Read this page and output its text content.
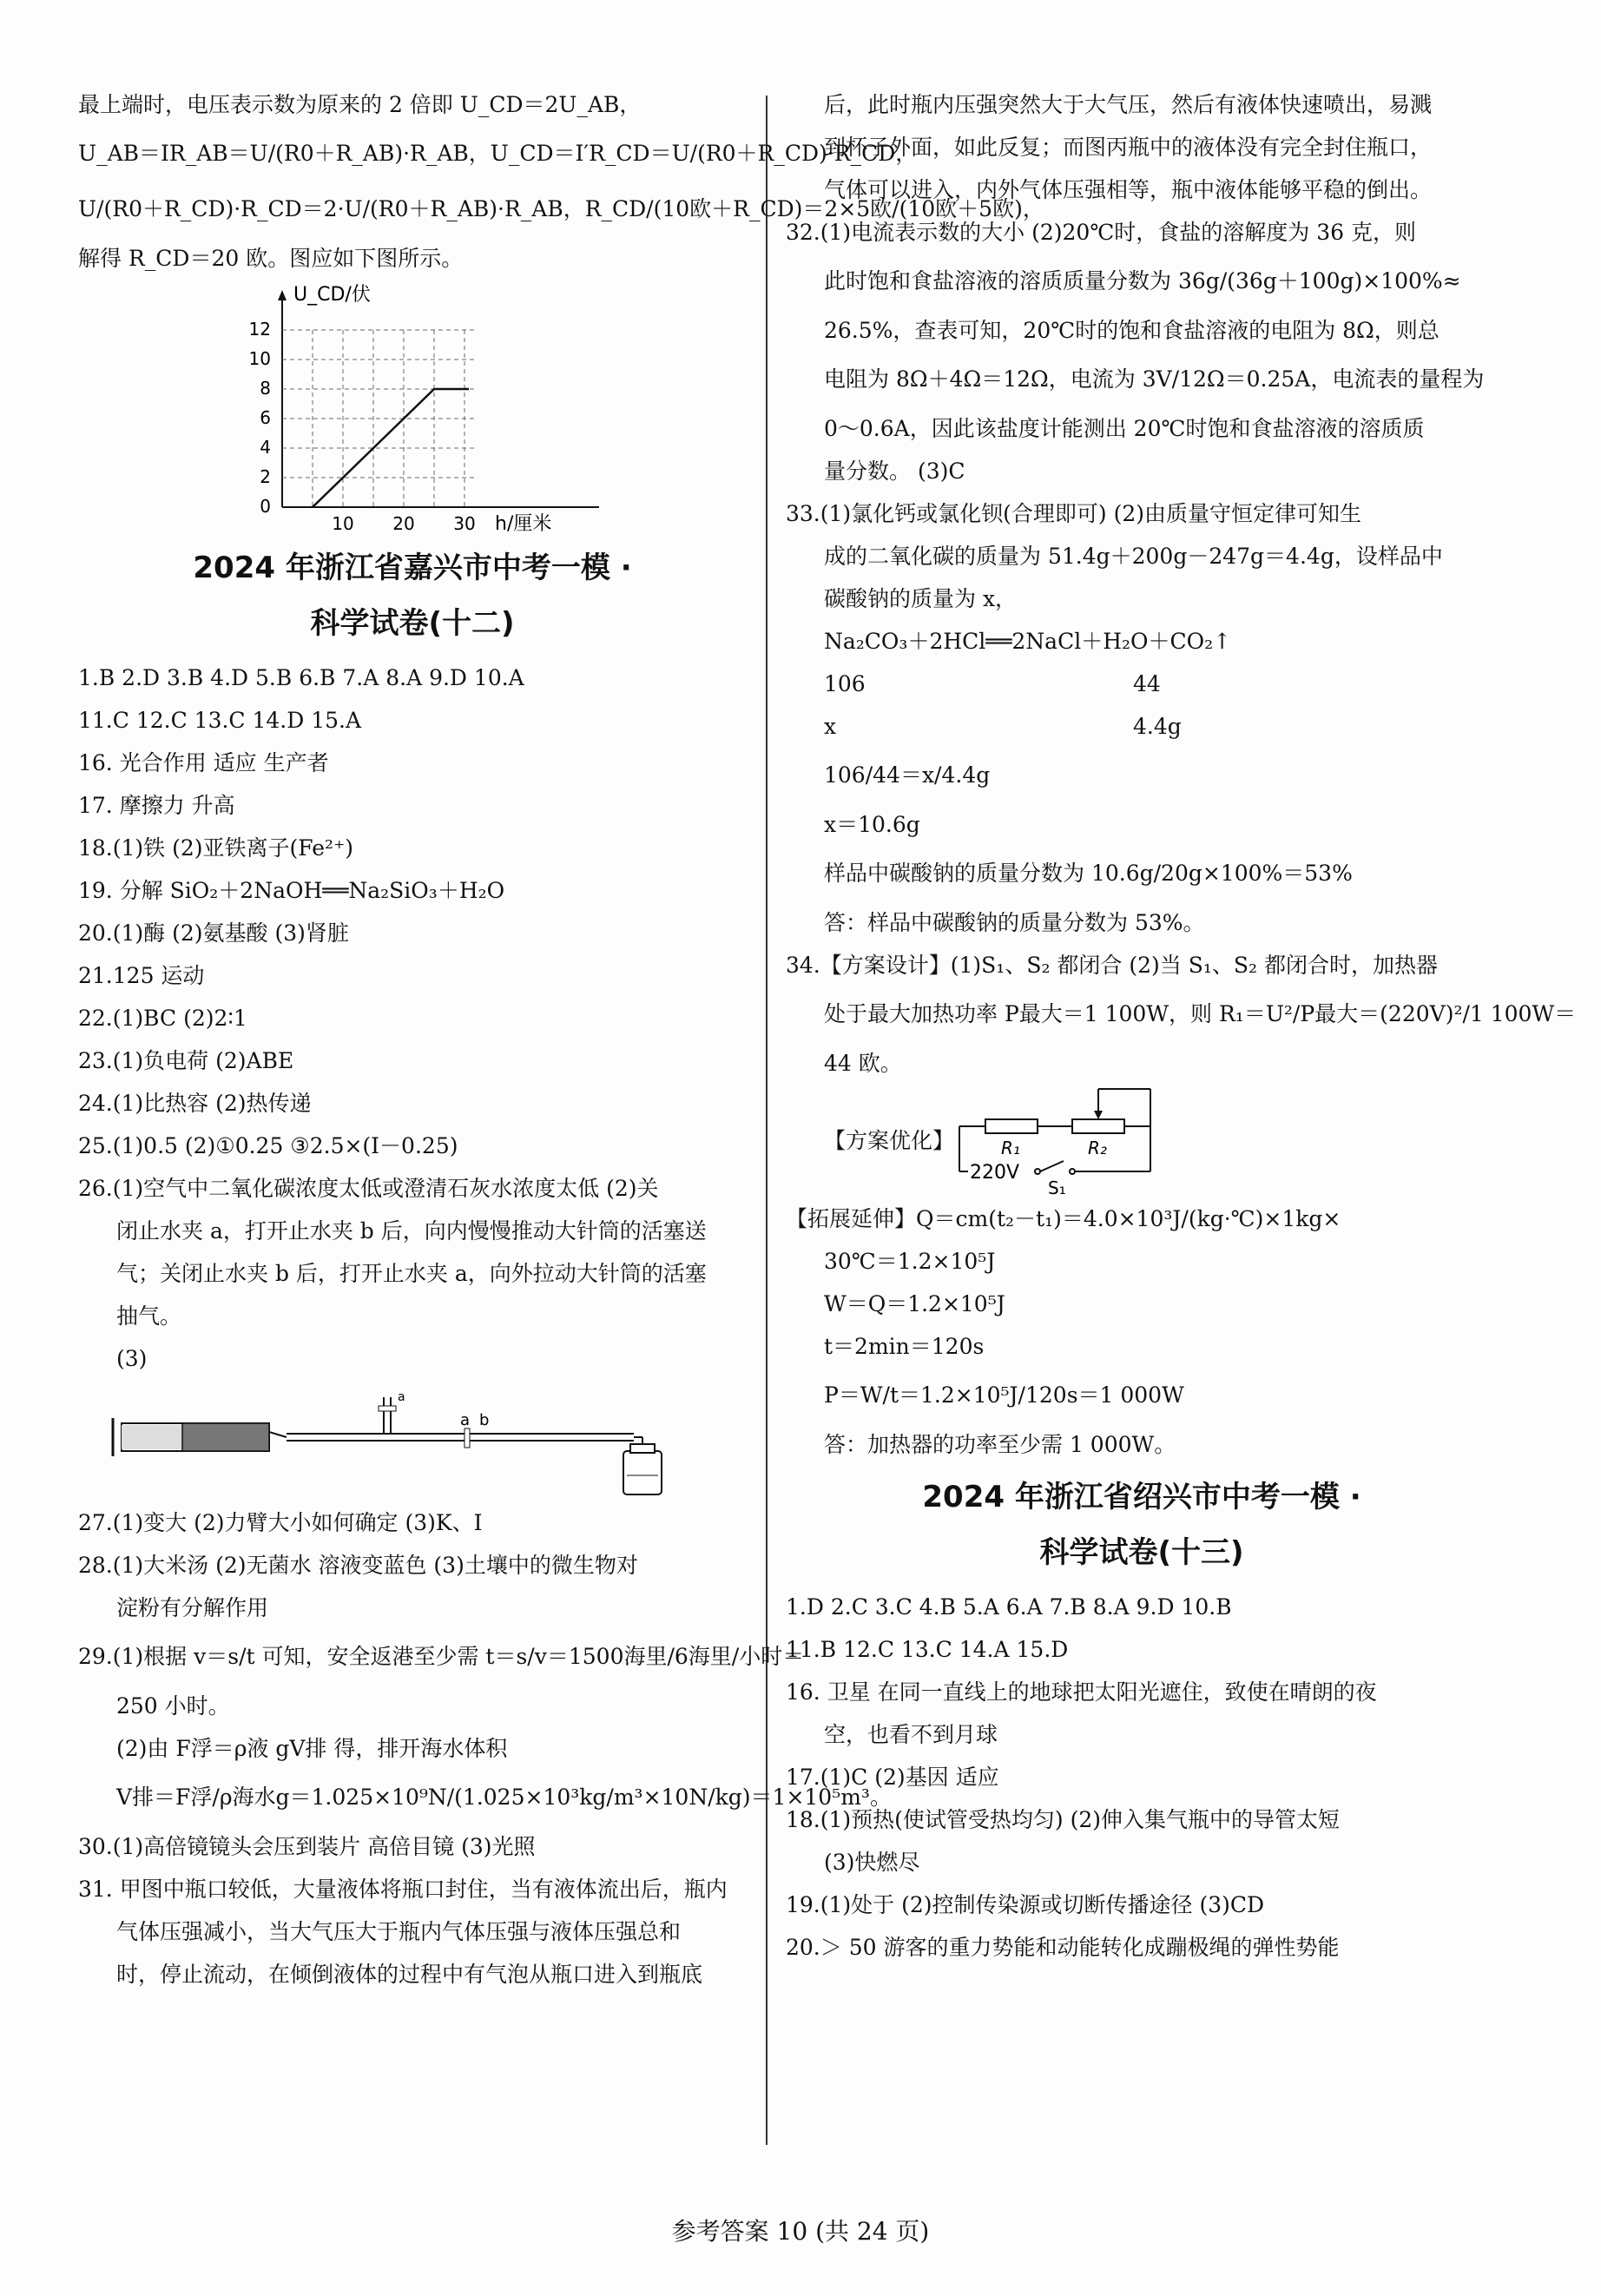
最上端时，电压表示数为原来的 2 倍即 U_CD＝2U_AB，

U_AB＝IR_AB＝U/(R0＋R_AB)·R_AB，U_CD＝I′R_CD＝U/(R0＋R_CD)·R_CD，

U/(R0＋R_CD)·R_CD＝2·U/(R0＋R_AB)·R_AB，R_CD/(10欧＋R_CD)＝2×5欧/(10欧＋5欧)，

解得 R_CD＝20 欧。图应如下图所示。

0
2
4
6
8
10
12
10 20 30
U_CD/伏
h/厘米

2024 年浙江省嘉兴市中考一模 ·

科学试卷(十二)

1.B 2.D 3.B 4.D 5.B 6.B 7.A 8.A 9.D 10.A

11.C 12.C 13.C 14.D 15.A

16. 光合作用 适应 生产者

17. 摩擦力 升高

18.(1)铁 (2)亚铁离子(Fe²⁺)

19. 分解 SiO₂＋2NaOH══Na₂SiO₃＋H₂O

20.(1)酶 (2)氨基酸 (3)肾脏

21.125 运动

22.(1)BC (2)2∶1

23.(1)负电荷 (2)ABE

24.(1)比热容 (2)热传递

25.(1)0.5 (2)①0.25 ③2.5×(I－0.25)

26.(1)空气中二氧化碳浓度太低或澄清石灰水浓度太低 (2)关

闭止水夹 a，打开止水夹 b 后，向内慢慢推动大针筒的活塞送

气；关闭止水夹 b 后，打开止水夹 a，向外拉动大针筒的活塞

抽气。

(3)

a
a b

27.(1)变大 (2)力臂大小如何确定 (3)K、I

28.(1)大米汤 (2)无菌水 溶液变蓝色 (3)土壤中的微生物对

淀粉有分解作用

29.(1)根据 v＝s/t 可知，安全返港至少需 t＝s/v＝1500海里/6海里/小时＝

250 小时。

(2)由 F浮＝ρ液 gV排 得，排开海水体积

V排＝F浮/ρ海水g＝1.025×10⁹N/(1.025×10³kg/m³×10N/kg)＝1×10⁵m³。

30.(1)高倍镜镜头会压到装片 高倍目镜 (3)光照

31. 甲图中瓶口较低，大量液体将瓶口封住，当有液体流出后，瓶内

气体压强减小，当大气压大于瓶内气体压强与液体压强总和

时，停止流动，在倾倒液体的过程中有气泡从瓶口进入到瓶底

后，此时瓶内压强突然大于大气压，然后有液体快速喷出，易溅

到杯子外面，如此反复；而图丙瓶中的液体没有完全封住瓶口，

气体可以进入，内外气体压强相等，瓶中液体能够平稳的倒出。

32.(1)电流表示数的大小 (2)20℃时，食盐的溶解度为 36 克，则

此时饱和食盐溶液的溶质质量分数为 36g/(36g＋100g)×100%≈

26.5%，查表可知，20℃时的饱和食盐溶液的电阻为 8Ω，则总

电阻为 8Ω＋4Ω＝12Ω，电流为 3V/12Ω＝0.25A，电流表的量程为

0～0.6A，因此该盐度计能测出 20℃时饱和食盐溶液的溶质质

量分数。 (3)C

33.(1)氯化钙或氯化钡(合理即可) (2)由质量守恒定律可知生

成的二氧化碳的质量为 51.4g＋200g－247g＝4.4g，设样品中

碳酸钠的质量为 x，

Na₂CO₃＋2HCl══2NaCl＋H₂O＋CO₂↑

106	44
x	4.4g

106/44＝x/4.4g

x＝10.6g

样品中碳酸钠的质量分数为 10.6g/20g×100%＝53%

答：样品中碳酸钠的质量分数为 53%。

34.【方案设计】(1)S₁、S₂ 都闭合 (2)当 S₁、S₂ 都闭合时，加热器

处于最大加热功率 P最大＝1 100W，则 R₁＝U²/P最大＝(220V)²/1 100W＝

44 欧。

【方案优化】	R₁	R₂
220V
S₁

【拓展延伸】Q＝cm(t₂－t₁)＝4.0×10³J/(kg·℃)×1kg×

30℃＝1.2×10⁵J

W＝Q＝1.2×10⁵J

t＝2min＝120s

P＝W/t＝1.2×10⁵J/120s＝1 000W

答：加热器的功率至少需 1 000W。

2024 年浙江省绍兴市中考一模 ·

科学试卷(十三)

1.D 2.C 3.C 4.B 5.A 6.A 7.B 8.A 9.D 10.B

11.B 12.C 13.C 14.A 15.D

16. 卫星 在同一直线上的地球把太阳光遮住，致使在晴朗的夜

空，也看不到月球

17.(1)C (2)基因 适应

18.(1)预热(使试管受热均匀) (2)伸入集气瓶中的导管太短

(3)快燃尽

19.(1)处于 (2)控制传染源或切断传播途径 (3)CD

20.＞ 50 游客的重力势能和动能转化成蹦极绳的弹性势能

参考答案 10 (共 24 页)
